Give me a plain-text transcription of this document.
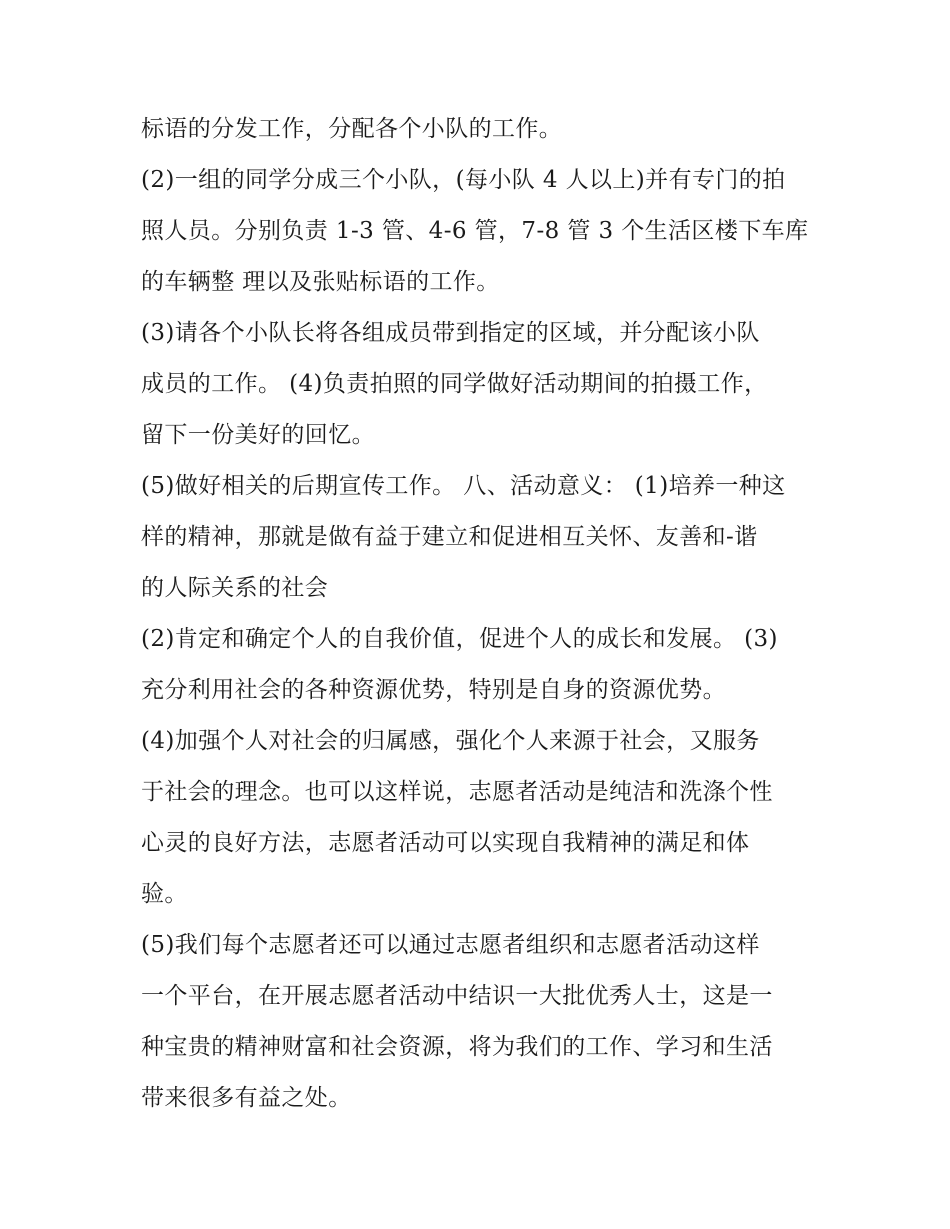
标语的分发工作，分配各个小队的工作。

(2)一组的同学分成三个小队，(每小队 4 人以上)并有专门的拍
照人员。分别负责 1-3 管、4-6 管，7-8 管 3 个生活区楼下车库
的车辆整 理以及张贴标语的工作。

(3)请各个小队长将各组成员带到指定的区域，并分配该小队
成员的工作。 (4)负责拍照的同学做好活动期间的拍摄工作，
留下一份美好的回忆。

(5)做好相关的后期宣传工作。 八、活动意义： (1)培养一种这
样的精神，那就是做有益于建立和促进相互关怀、友善和-谐
的人际关系的社会

(2)肯定和确定个人的自我价值，促进个人的成长和发展。 (3)
充分利用社会的各种资源优势，特别是自身的资源优势。

(4)加强个人对社会的归属感，强化个人来源于社会，又服务
于社会的理念。也可以这样说，志愿者活动是纯洁和洗涤个性
心灵的良好方法，志愿者活动可以实现自我精神的满足和体
验。

(5)我们每个志愿者还可以通过志愿者组织和志愿者活动这样
一个平台，在开展志愿者活动中结识一大批优秀人士，这是一
种宝贵的精神财富和社会资源，将为我们的工作、学习和生活
带来很多有益之处。
